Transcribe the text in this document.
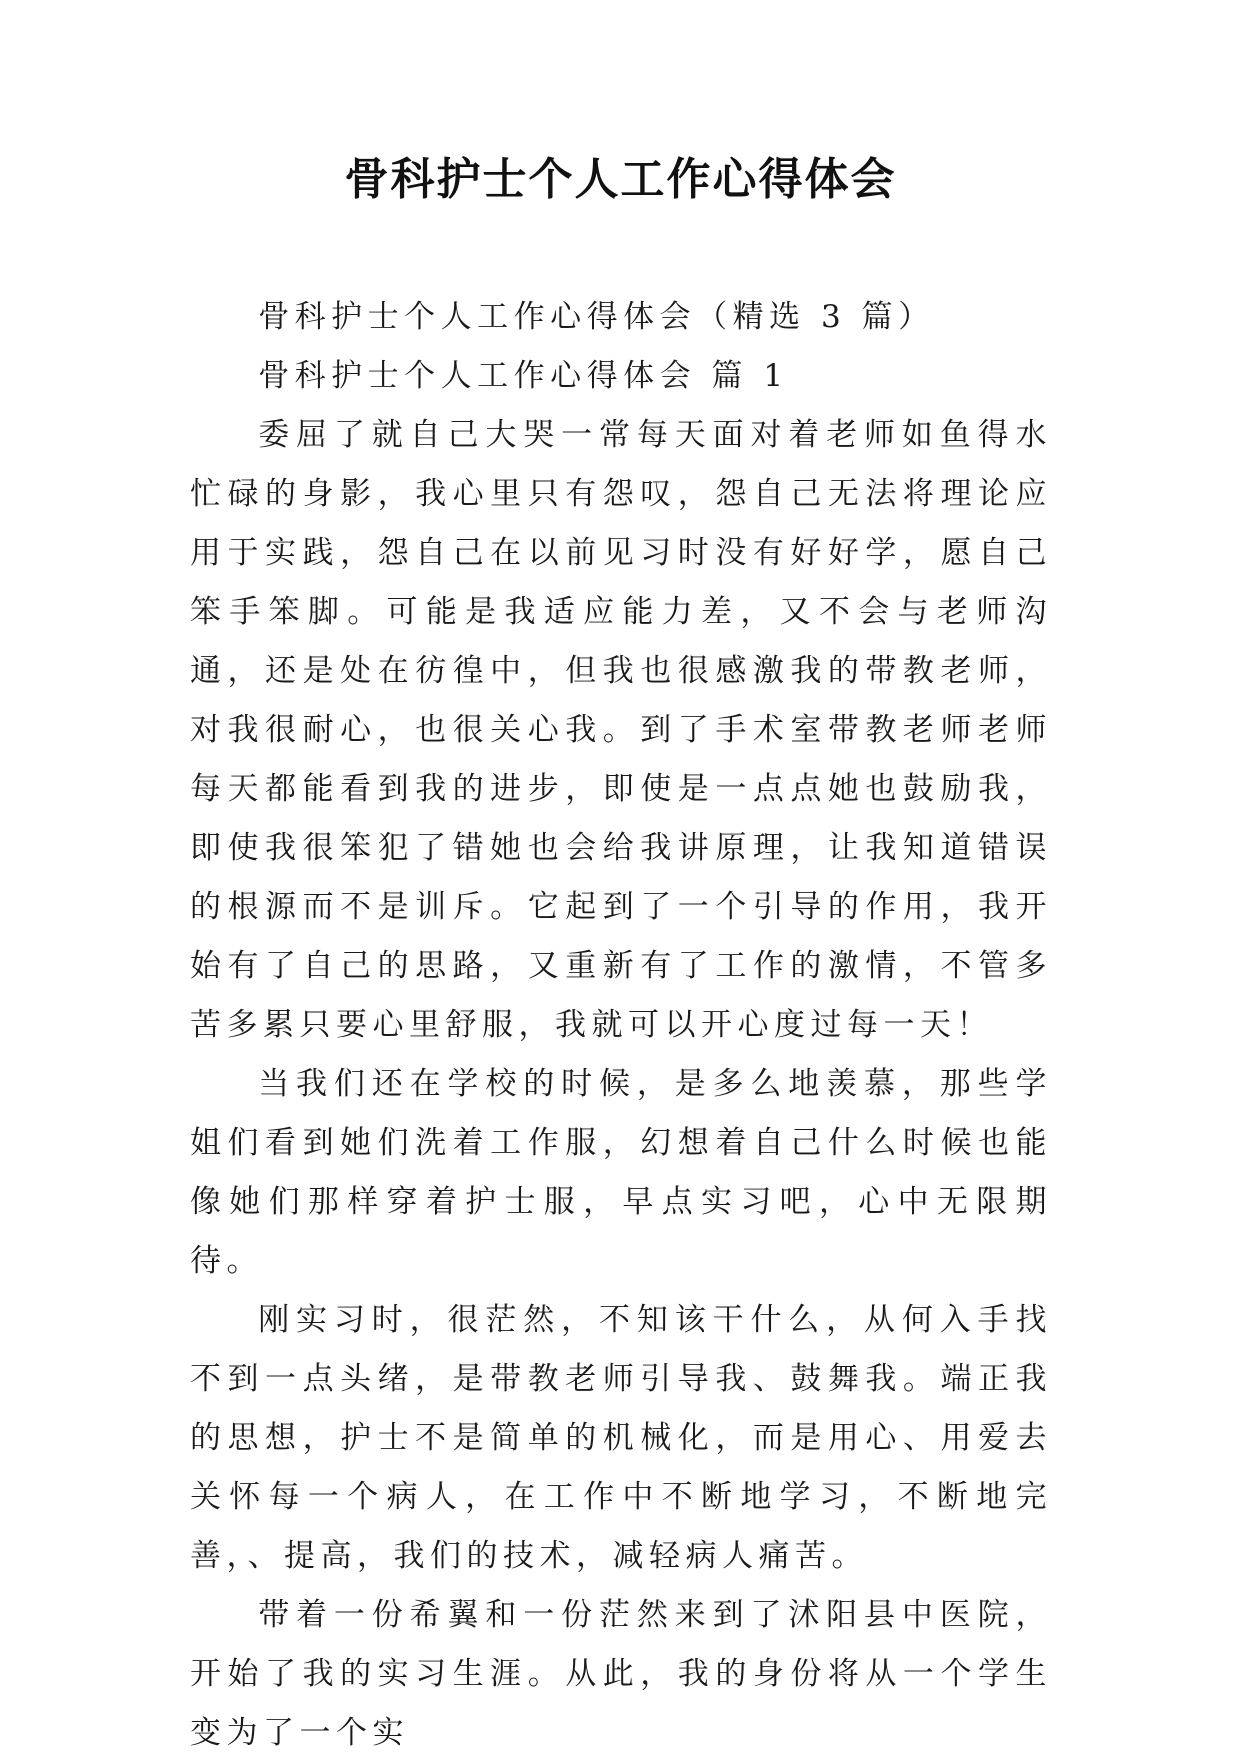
骨科护士个人工作心得体会

骨科护士个人工作心得体会（精选 3 篇）

骨科护士个人工作心得体会 篇 1

委屈了就自己大哭一常每天面对着老师如鱼得水忙碌的身影，我心里只有怨叹，怨自己无法将理论应用于实践，怨自己在以前见习时没有好好学，愿自己笨手笨脚。可能是我适应能力差，又不会与老师沟通，还是处在彷徨中，但我也很感激我的带教老师，对我很耐心，也很关心我。到了手术室带教老师老师每天都能看到我的进步，即使是一点点她也鼓励我，即使我很笨犯了错她也会给我讲原理，让我知道错误的根源而不是训斥。它起到了一个引导的作用，我开始有了自己的思路，又重新有了工作的激情，不管多苦多累只要心里舒服，我就可以开心度过每一天！

当我们还在学校的时候，是多么地羡慕，那些学姐们看到她们洗着工作服，幻想着自己什么时候也能像她们那样穿着护士服，早点实习吧，心中无限期待。

刚实习时，很茫然，不知该干什么，从何入手找不到一点头绪，是带教老师引导我、鼓舞我。端正我的思想，护士不是简单的机械化，而是用心、用爱去关怀每一个病人，在工作中不断地学习，不断地完善，、提高，我们的技术，减轻病人痛苦。

带着一份希翼和一份茫然来到了沭阳县中医院，开始了我的实习生涯。从此，我的身份将从一个学生变为了一个实
